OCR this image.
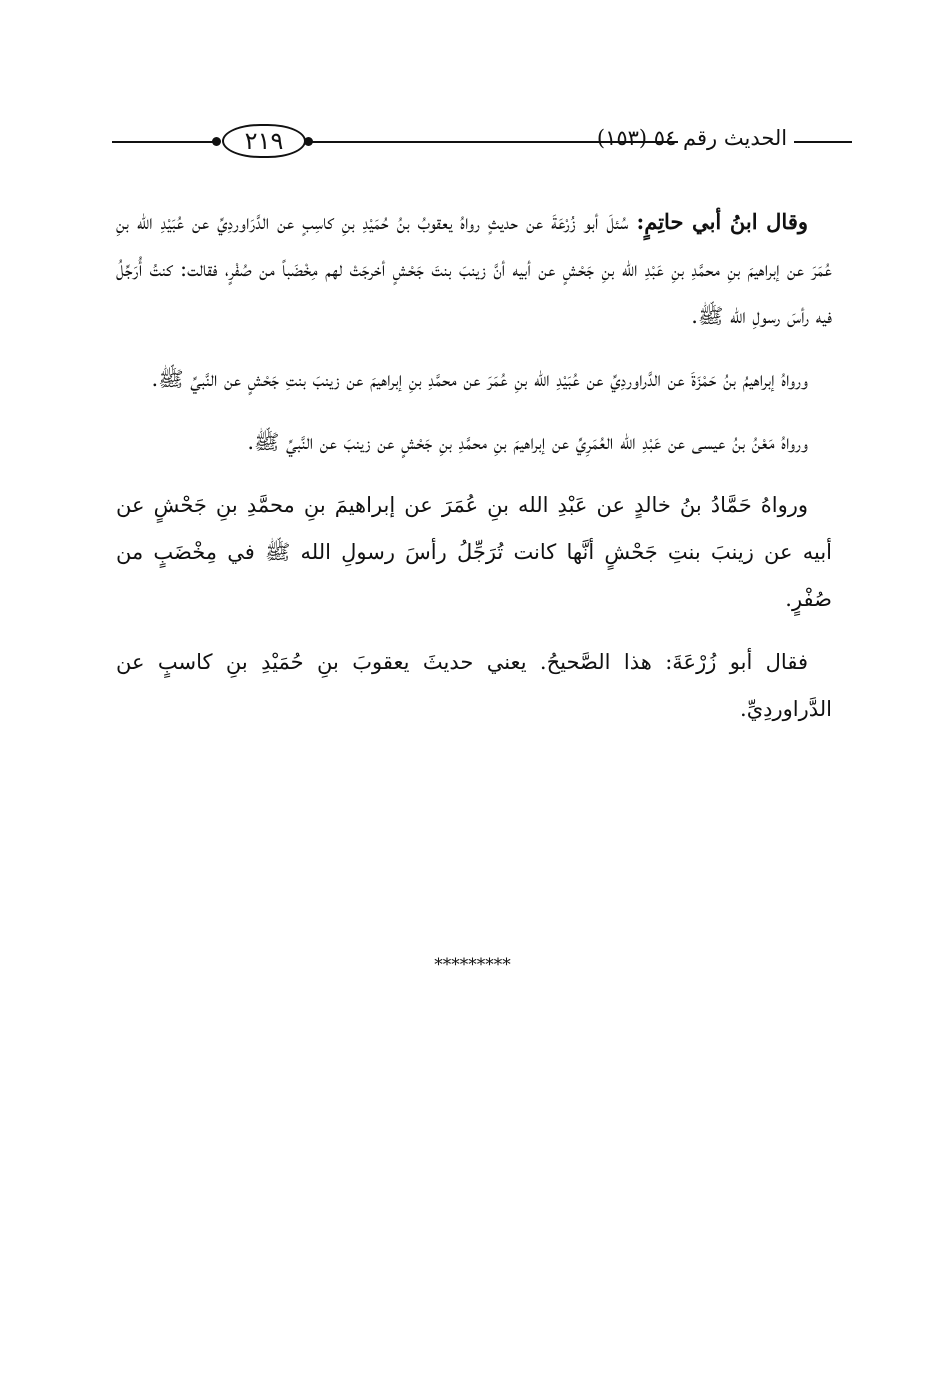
٢١٩	الحديث رقم ٥٤ (١٥٣)

وقال ابنُ أبي حاتِمٍ: سُئلَ أبو زُرْعَةَ عن حديثٍ رواهُ يعقوبُ بنُ حُمَيْدِ بنِ كاسِبٍ عن الدَّرَاوردِيِّ عن عُبَيْدِ الله بنِ عُمَرَ عن إبراهيمَ بنِ محمَّدِ بنِ عَبْدِ الله بنِ جَحْشٍ عن أبيه أنَّ زينبَ بنتَ جَحْشٍ أخرجَتْ لهم مِخْضَباً من صُفْرٍ، فقالت: كنتُ أُرَجِّلُ فيه رأسَ رسولِ الله ﷺ.

ورواهُ إبراهيمُ بنُ حَمْزَةَ عن الدَّراوردِيِّ عن عُبَيْدِ الله بنِ عُمَرَ عن محمَّدِ بنِ إبراهيمَ عن زينبَ بنتِ جَحْشٍ عن النَّبيِّ ﷺ.

ورواهُ مَعْنُ بنُ عيسى عن عَبْدِ الله العُمَرِيِّ عن إبراهيمَ بنِ محمَّدِ بنِ جَحْشٍ عن زينبَ عن النَّبيِّ ﷺ.

ورواهُ حَمَّادُ بنُ خالدٍ عن عَبْدِ الله بنِ عُمَرَ عن إبراهيمَ بنِ محمَّدِ بنِ جَحْشٍ عن أبيه عن زينبَ بنتِ جَحْشٍ أنَّها كانت تُرَجِّلُ رأسَ رسولِ الله ﷺ في مِخْضَبٍ من صُفْرٍ.

فقال أبو زُرْعَةَ: هذا الصَّحيحُ. يعني حديثَ يعقوبَ بنِ حُمَيْدِ بنِ كاسبٍ عن الدَّراوردِيِّ.

*********
